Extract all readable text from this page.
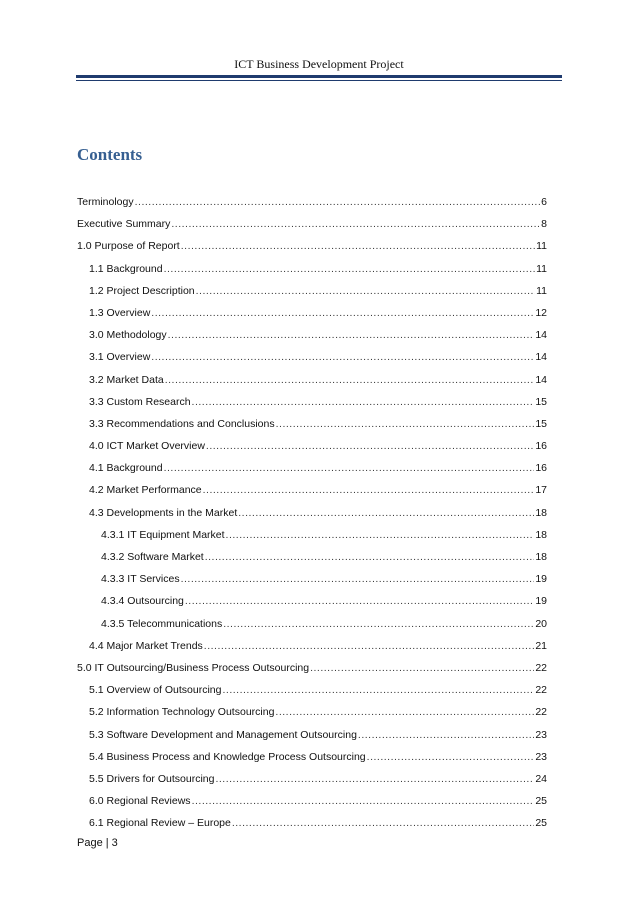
ICT Business Development Project
Contents
Terminology .....	6
Executive Summary .....	8
1.0 Purpose of Report .....	11
1.1 Background .....	11
1.2 Project Description .....	11
1.3 Overview .....	12
3.0 Methodology .....	14
3.1 Overview .....	14
3.2 Market Data .....	14
3.3 Custom Research .....	15
3.3 Recommendations and Conclusions .....	15
4.0 ICT Market Overview .....	16
4.1 Background .....	16
4.2 Market Performance .....	17
4.3 Developments in the Market .....	18
4.3.1 IT Equipment Market .....	18
4.3.2 Software Market .....	18
4.3.3 IT Services .....	19
4.3.4 Outsourcing .....	19
4.3.5 Telecommunications .....	20
4.4 Major Market Trends .....	21
5.0 IT Outsourcing/Business Process Outsourcing .....	22
5.1 Overview of Outsourcing .....	22
5.2 Information Technology Outsourcing .....	22
5.3 Software Development and Management Outsourcing .....	23
5.4 Business Process and Knowledge Process Outsourcing .....	23
5.5 Drivers for Outsourcing .....	24
6.0 Regional Reviews .....	25
6.1 Regional Review – Europe .....	25
Page | 3
